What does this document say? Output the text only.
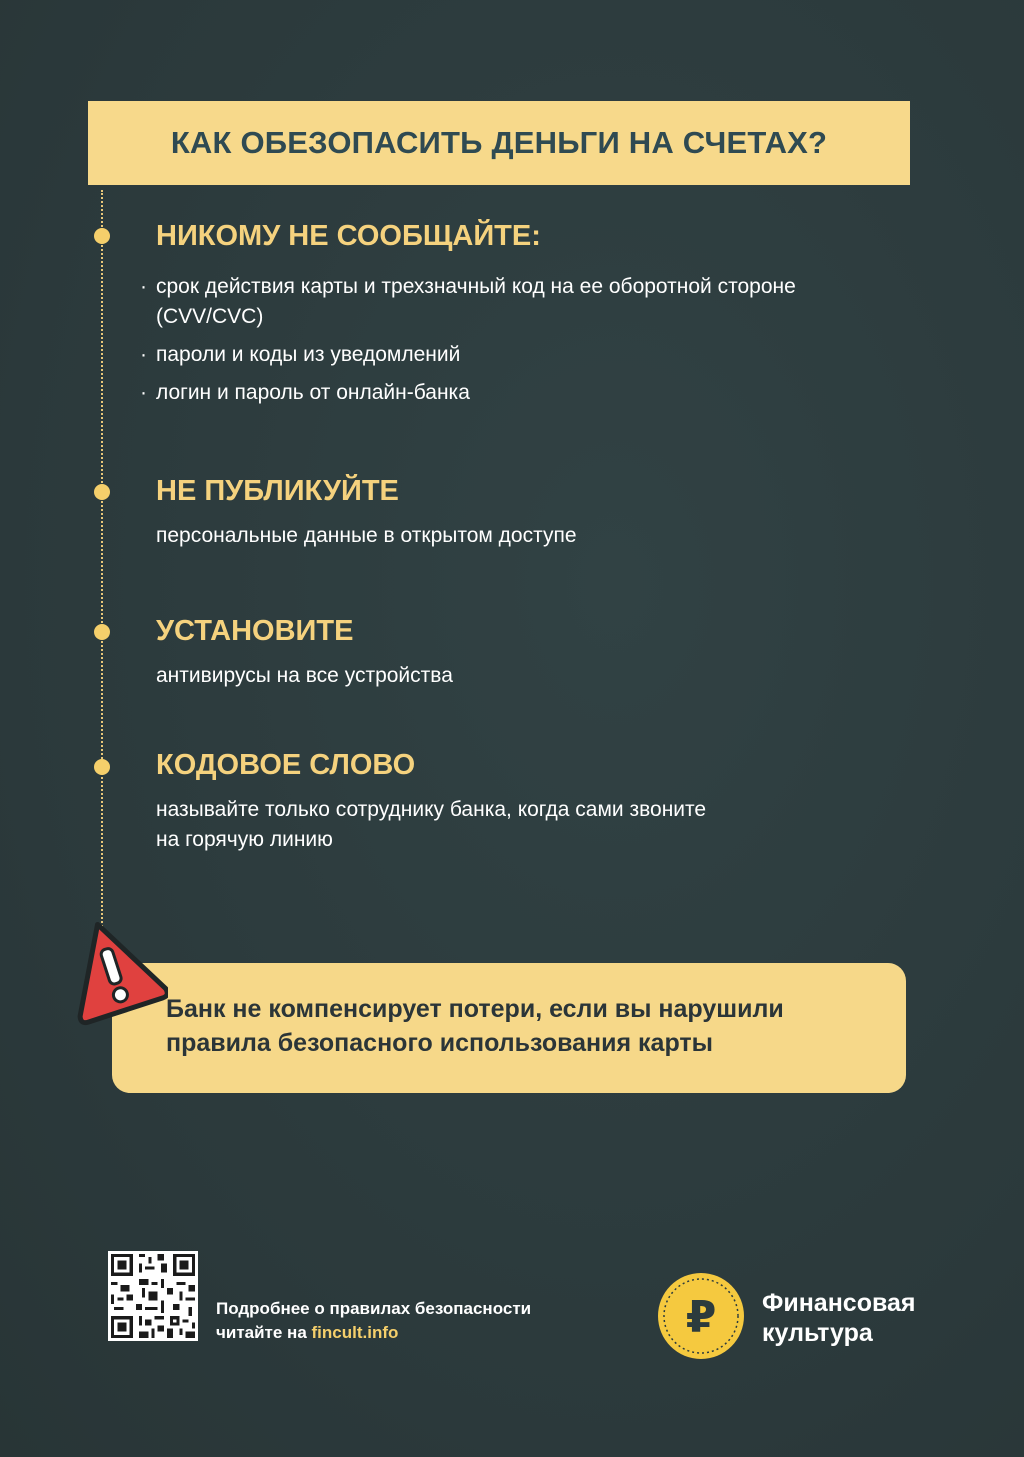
КАК ОБЕЗОПАСИТЬ ДЕНЬГИ НА СЧЕТАХ?
НИКОМУ НЕ СООБЩАЙТЕ:
· срок действия карты и трехзначный код на ее оборотной стороне (CVV/CVC)
· пароли и коды из уведомлений
· логин и пароль от онлайн-банка
НЕ ПУБЛИКУЙТЕ
персональные данные в открытом доступе
УСТАНОВИТЕ
антивирусы на все устройства
КОДОВОЕ СЛОВО
называйте только сотруднику банка, когда сами звоните
на горячую линию
Банк не компенсирует потери, если вы нарушили
правила безопасного использования карты
Подробнее о правилах безопасности
читайте на fincult.info	₽ Финансовая
культура
